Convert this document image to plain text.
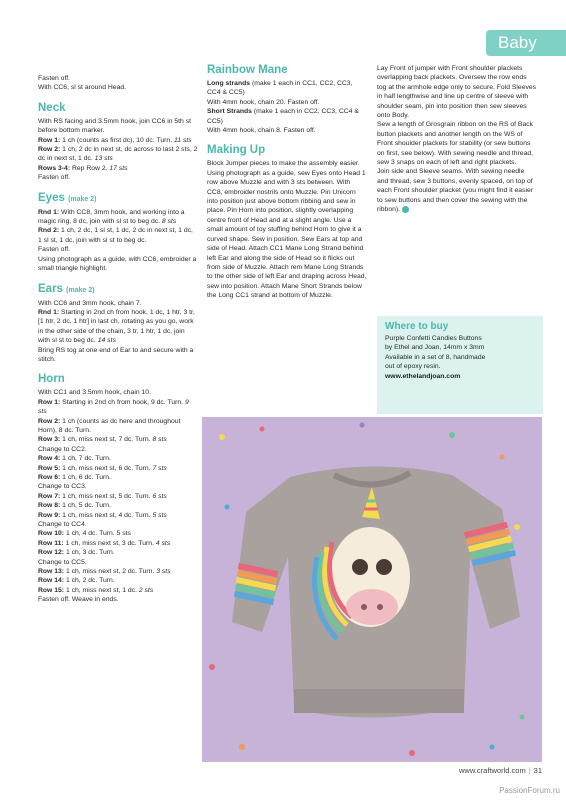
Baby

Fasten off.

With CC6, sl st around Head.

Neck

With RS facing and 3.5mm hook, join CC6 in 5th st before bottom marker.

Row 1: 1 ch (counts as first dc), 10 dc. Turn. 11 sts

Row 2: 1 ch, 2 dc in next st, dc across to last 2 sts, 2 dc in next st, 1 dc. 13 sts

Rows 3-4: Rep Row 2. 17 sts

Fasten off.

Eyes (make 2)

Rnd 1: With CC8, 3mm hook, and working into a magic ring, 8 dc, join with sl st to beg dc. 8 sts

Rnd 2: 1 ch, 2 dc, 1 sl st, 1 dc, 2 dc in next st, 1 dc, 1 sl st, 1 dc, join with sl st to beg dc.

Fasten off.

Using photograph as a guide, with CC6, embroider a small triangle highlight.

Ears (make 2)

With CC6 and 3mm hook, chain 7.

Rnd 1: Starting in 2nd ch from hook, 1 dc, 1 htr, 3 tr, [1 htr, 2 dc, 1 htr] in last ch, rotating as you go, work in the other side of the chain, 3 tr, 1 htr, 1 dc, join with sl st to beg dc. 14 sts

Bring RS tog at one end of Ear to and secure with a stitch.

Horn

With CC1 and 3.5mm hook, chain 10.

Row 1: Starting in 2nd ch from hook, 9 dc. Turn. 9 sts

Row 2: 1 ch (counts as dc here and throughout Horn), 8 dc. Turn.

Row 3: 1 ch, miss next st, 7 dc. Turn. 8 sts

Change to CC2.

Row 4: 1 ch, 7 dc. Turn.

Row 5: 1 ch, miss next st, 6 dc. Turn. 7 sts

Row 6: 1 ch, 6 dc. Turn.

Change to CC3.

Row 7: 1 ch, miss next st, 5 dc. Turn. 6 sts

Row 8: 1 ch, 5 dc. Turn.

Row 9: 1 ch, miss next st, 4 dc. Turn. 5 sts

Change to CC4.

Row 10: 1 ch, 4 dc. Turn. 5 sts

Row 11: 1 ch, miss next st, 3 dc. Turn. 4 sts

Row 12: 1 ch, 3 dc. Turn.

Change to CC5.

Row 13: 1 ch, miss next st, 2 dc. Turn. 3 sts

Row 14: 1 ch, 2 dc. Turn.

Row 15: 1 ch, miss next st, 1 dc. 2 sts

Fasten off. Weave in ends.

Rainbow Mane

Long strands (make 1 each in CC1, CC2, CC3, CC4 & CC5)

With 4mm hook, chain 20. Fasten off.

Short Strands (make 1 each in CC2, CC3, CC4 & CC5)

With 4mm hook, chain 8. Fasten off.

Making Up

Block Jumper pieces to make the assembly easier.

Using photograph as a guide, sew Eyes onto Head 1 row above Muzzle and with 3 sts between. With CC8, embroider nostrils onto Muzzle. Pin Unicorn into position just above bottom ribbing and sew in place. Pin Horn into position, slightly overlapping centre front of Head and at a slight angle. Use a small amount of toy stuffing behind Horn to give it a curved shape. Sew in position. Sew Ears at top and side of Head. Attach CC1 Mane Long Strand behind left Ear and along the side of Head so it flicks out from side of Muzzle. Attach rem Mane Long Strands to the other side of left Ear and draping across Head, sew into position. Attach Mane Short Strands below the Long CC1 strand at bottom of Muzzle.

Lay Front of jumper with Front shoulder plackets overlapping back plackets. Oversew the row ends tog at the armhole edge only to secure. Fold Sleeves in half lengthwise and line up centre of sleeve with shoulder seam, pin into position then sew sleeves onto Body.

Sew a length of Grosgrain ribbon on the RS of Back button plackets and another length on the WS of Front shoulder plackets for stability (or sew buttons on first, see below). With sewing needle and thread, sew 3 snaps on each of left and right plackets.

Join side and Sleeve seams. With sewing needle and thread, sew 3 buttons, evenly spaced, on top of each Front shoulder placket (you might find it easier to sew buttons and then cover the sewing with the ribbon).

Where to buy

Purple Confetti Candies Buttons

by Ethel and Joan, 14mm x 3mm

Available in a set of 8, handmade

out of epoxy resin.

www.ethelandjoan.com

www.craftworld.com | 31
PassionForum.ru
